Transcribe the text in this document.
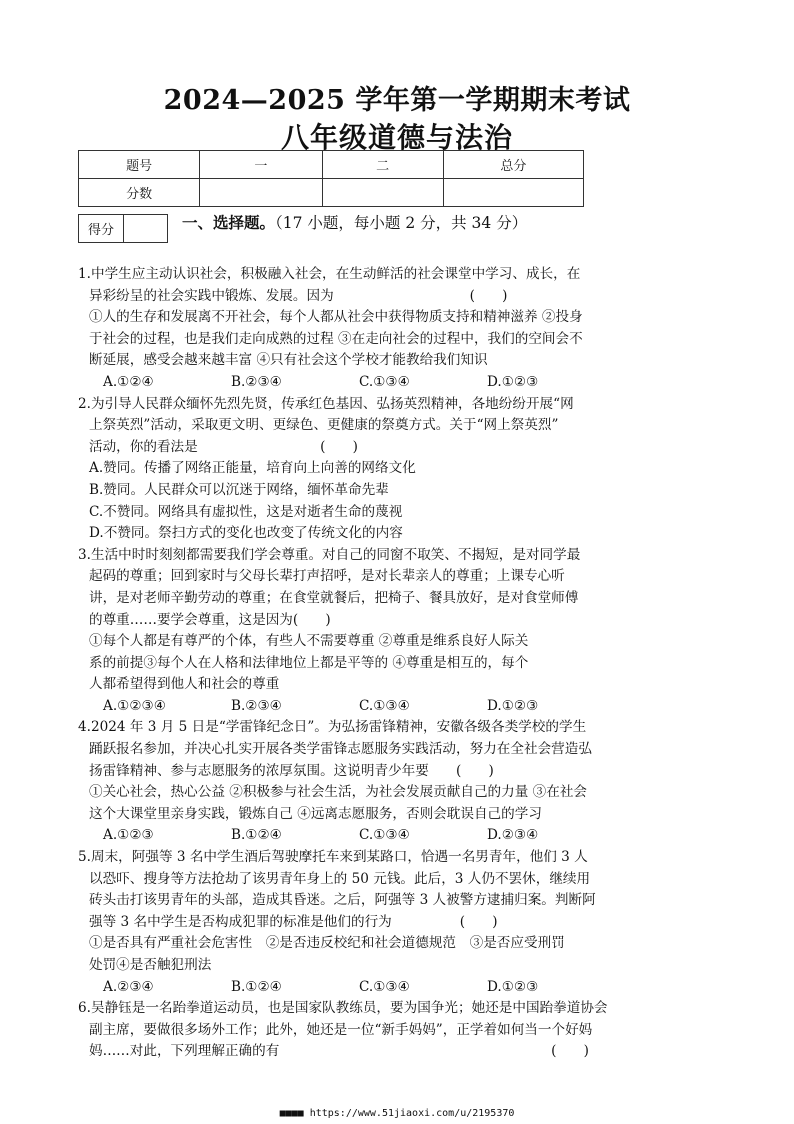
2024—2025 学年第一学期期末考试
八年级道德与法治
题号	一	二	总分
分数			
得分		一、选择题。（17 小题，每小题 2 分，共 34 分）

1.中学生应主动认识社会，积极融入社会，在生动鲜活的社会课堂中学习、成长，在

异彩纷呈的社会实践中锻炼、发展。因为　　　　　　　　　　(　　)

①人的生存和发展离不开社会，每个人都从社会中获得物质支持和精神滋养 ②投身

于社会的过程，也是我们走向成熟的过程 ③在走向社会的过程中，我们的空间会不

断延展，感受会越来越丰富 ④只有社会这个学校才能教给我们知识

A.①②④	B.②③④	C.①③④	D.①②③

2.为引导人民群众缅怀先烈先贤，传承红色基因、弘扬英烈精神，各地纷纷开展“网

上祭英烈”活动，采取更文明、更绿色、更健康的祭奠方式。关于“网上祭英烈”

活动，你的看法是　　　　　　　　　(　　)

A.赞同。传播了网络正能量，培育向上向善的网络文化

B.赞同。人民群众可以沉迷于网络，缅怀革命先辈

C.不赞同。网络具有虚拟性，这是对逝者生命的蔑视

D.不赞同。祭扫方式的变化也改变了传统文化的内容

3.生活中时时刻刻都需要我们学会尊重。对自己的同窗不取笑、不揭短，是对同学最

起码的尊重；回到家时与父母长辈打声招呼，是对长辈亲人的尊重；上课专心听

讲，是对老师辛勤劳动的尊重；在食堂就餐后，把椅子、餐具放好，是对食堂师傅

的尊重……要学会尊重，这是因为(　　)

①每个人都是有尊严的个体，有些人不需要尊重 ②尊重是维系良好人际关

系的前提③每个人在人格和法律地位上都是平等的 ④尊重是相互的，每个

人都希望得到他人和社会的尊重

A.①②③④	B.②③④	C.①③④	D.①②③

4.2024 年 3 月 5 日是“学雷锋纪念日”。为弘扬雷锋精神，安徽各级各类学校的学生

踊跃报名参加，并决心扎实开展各类学雷锋志愿服务实践活动，努力在全社会营造弘

扬雷锋精神、参与志愿服务的浓厚氛围。这说明青少年要　　(　　)

①关心社会，热心公益 ②积极参与社会生活，为社会发展贡献自己的力量 ③在社会

这个大课堂里亲身实践，锻炼自己 ④远离志愿服务，否则会耽误自己的学习

A.①②③	B.①②④	C.①③④	D.②③④

5.周末，阿强等 3 名中学生酒后驾驶摩托车来到某路口，恰遇一名男青年，他们 3 人

以恐吓、搜身等方法抢劫了该男青年身上的 50 元钱。此后，3 人仍不罢休，继续用

砖头击打该男青年的头部，造成其昏迷。之后，阿强等 3 人被警方逮捕归案。判断阿

强等 3 名中学生是否构成犯罪的标准是他们的行为　　　　　(　　)

①是否具有严重社会危害性　②是否违反校纪和社会道德规范　③是否应受刑罚

处罚④是否触犯刑法

A.②③④	B.①②④	C.①③④	D.①②③

6.吴静钰是一名跆拳道运动员，也是国家队教练员，要为国争光；她还是中国跆拳道协会

副主席，要做很多场外工作；此外，她还是一位“新手妈妈”，正学着如何当一个好妈

妈……对此，下列理解正确的有　　　　　　　　　　　　　　　　　　　　(　　)

■■■■ https://www.51jiaoxi.com/u/2195370
